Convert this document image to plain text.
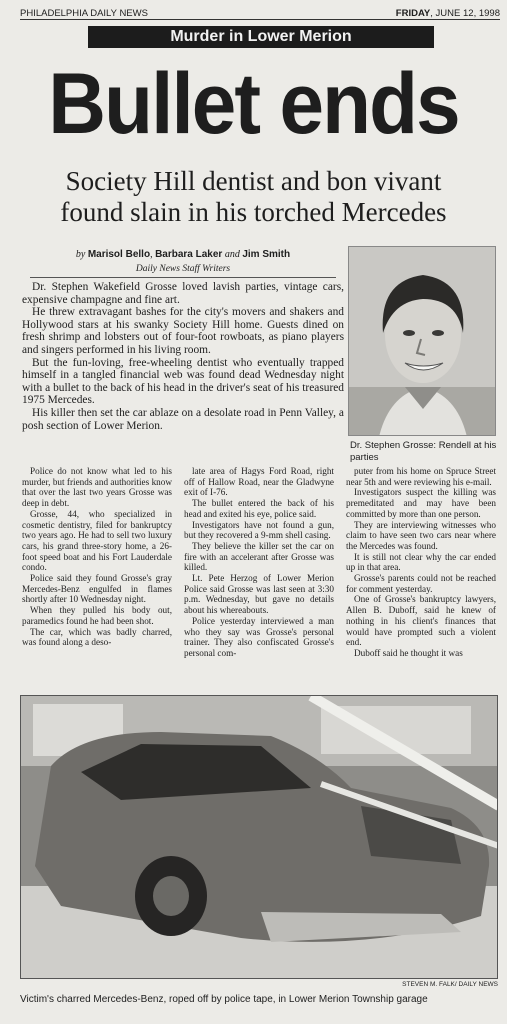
PHILADELPHIA DAILY NEWS	FRIDAY, JUNE 12, 1998
Murder in Lower Merion
Bullet ends
Society Hill dentist and bon vivant
found slain in his torched Mercedes
by Marisol Bello, Barbara Laker and Jim Smith
Daily News Staff Writers

Dr. Stephen Wakefield Grosse loved lavish parties, vintage cars, expensive champagne and fine art.

He threw extravagant bashes for the city's movers and shakers and Hollywood stars at his swanky Society Hill home. Guests dined on fresh shrimp and lobsters out of four-foot rowboats, as piano players and singers performed in his living room.

But the fun-loving, free-wheeling dentist who eventually trapped himself in a tangled financial web was found dead Wednesday night with a bullet to the back of his head in the driver's seat of his treasured 1975 Mercedes.

His killer then set the car ablaze on a desolate road in Penn Valley, a posh section of Lower Merion.

Dr. Stephen Grosse: Rendell at his parties

Police do not know what led to his murder, but friends and authorities know that over the last two years Grosse was deep in debt.

Grosse, 44, who specialized in cosmetic dentistry, filed for bankruptcy two years ago. He had to sell two luxury cars, his grand three-story home, a 26-foot speed boat and his Fort Lauderdale condo.

Police said they found Grosse's gray Mercedes-Benz engulfed in flames shortly after 10 Wednesday night.

When they pulled his body out, paramedics found he had been shot.

The car, which was badly charred, was found along a deso-

late area of Hagys Ford Road, right off of Hallow Road, near the Gladwyne exit of I-76.

The bullet entered the back of his head and exited his eye, police said.

Investigators have not found a gun, but they recovered a 9-mm shell casing.

They believe the killer set the car on fire with an accelerant after Grosse was killed.

Lt. Pete Herzog of Lower Merion Police said Grosse was last seen at 3:30 p.m. Wednesday, but gave no details about his whereabouts.

Police yesterday interviewed a man who they say was Grosse's personal trainer. They also confiscated Grosse's personal com-

puter from his home on Spruce Street near 5th and were reviewing his e-mail.

Investigators suspect the killing was premeditated and may have been committed by more than one person.

They are interviewing witnesses who claim to have seen two cars near where the Mercedes was found.

It is still not clear why the car ended up in that area.

Grosse's parents could not be reached for comment yesterday.

One of Grosse's bankruptcy lawyers, Allen B. Duboff, said he knew of nothing in his client's finances that would have prompted such a violent end.

Duboff said he thought it was

STEVEN M. FALK/ DAILY NEWS
Victim's charred Mercedes-Benz, roped off by police tape, in Lower Merion Township garage
